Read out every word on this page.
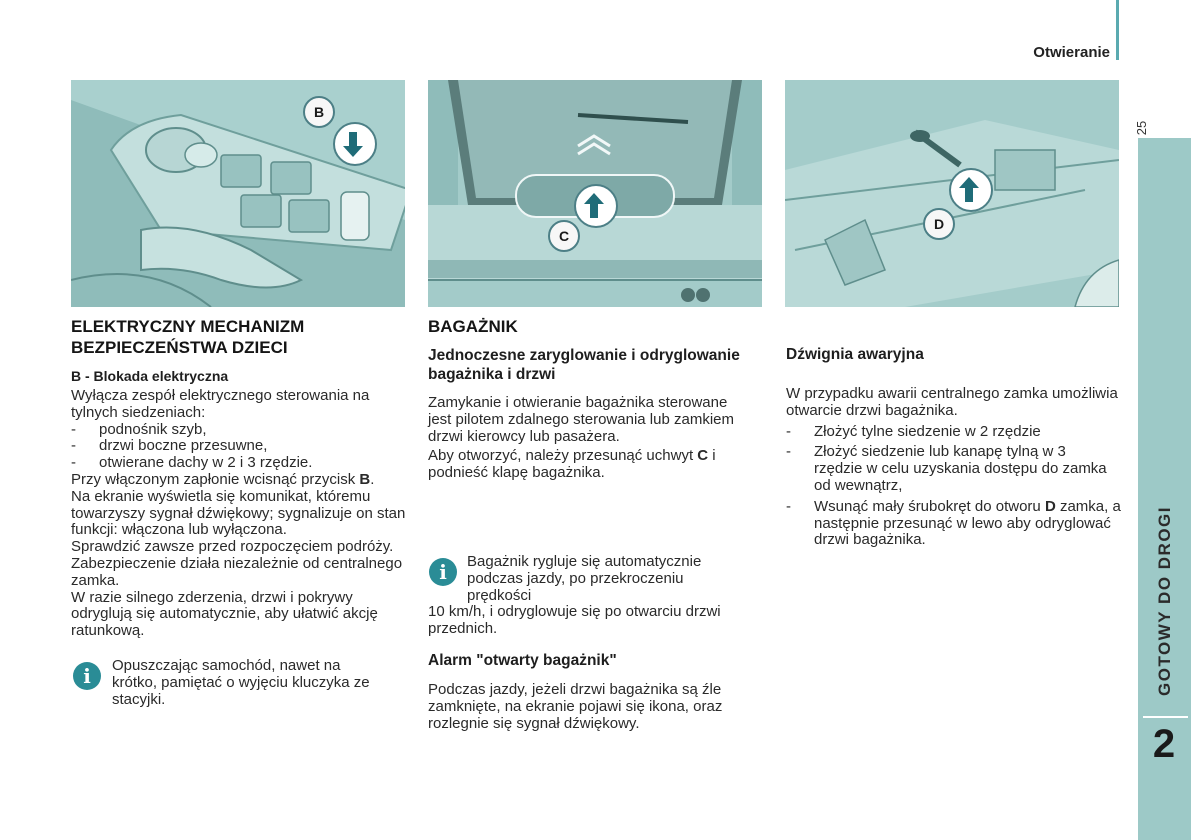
Otwieranie
25
GOTOWY DO DROGI
2
B
C
D
ELEKTRYCZNY MECHANIZM BEZPIECZEŃSTWA DZIECI
B - Blokada elektryczna

Wyłącza zespół elektrycznego sterowania na tylnych siedzeniach:

- podnośnik szyb,
- drzwi boczne przesuwne,
- otwierane dachy w 2 i 3 rzędzie.

Przy włączonym zapłonie wcisnąć przycisk B.

Na ekranie wyświetla się komunikat, któremu towarzyszy sygnał dźwiękowy; sygnalizuje on stan funkcji: włączona lub wyłączona.

Sprawdzić zawsze przed rozpoczęciem podróży.

Zabezpieczenie działa niezależnie od centralnego zamka.

W razie silnego zderzenia, drzwi i pokrywy odryglują się automatycznie, aby ułatwić akcję ratunkową.

i	Opuszczając samochód, nawet na krótko, pamiętać o wyjęciu kluczyka ze stacyjki.
BAGAŻNIK
Jednoczesne zaryglowanie i odryglowanie bagażnika i drzwi

Zamykanie i otwieranie bagażnika sterowane jest pilotem zdalnego sterowania lub zamkiem drzwi kierowcy lub pasażera.

Aby otworzyć, należy przesunąć uchwyt C i podnieść klapę bagażnika.

i	Bagażnik rygluje się automatycznie podczas jazdy, po przekroczeniu prędkości
10 km/h, i odryglowuje się po otwarciu drzwi przednich.
Alarm "otwarty bagażnik"
Podczas jazdy, jeżeli drzwi bagażnika są źle zamknięte, na ekranie pojawi się ikona, oraz rozlegnie się sygnał dźwiękowy.
Dźwignia awaryjna

W przypadku awarii centralnego zamka umożliwia otwarcie drzwi bagażnika.

- Złożyć tylne siedzenie w 2 rzędzie
- Złożyć siedzenie lub kanapę tylną w 3 rzędzie w celu uzyskania dostępu do zamka od wewnątrz,
- Wsunąć mały śrubokręt do otworu D zamka, a następnie przesunąć w lewo aby odryglować drzwi bagażnika.
